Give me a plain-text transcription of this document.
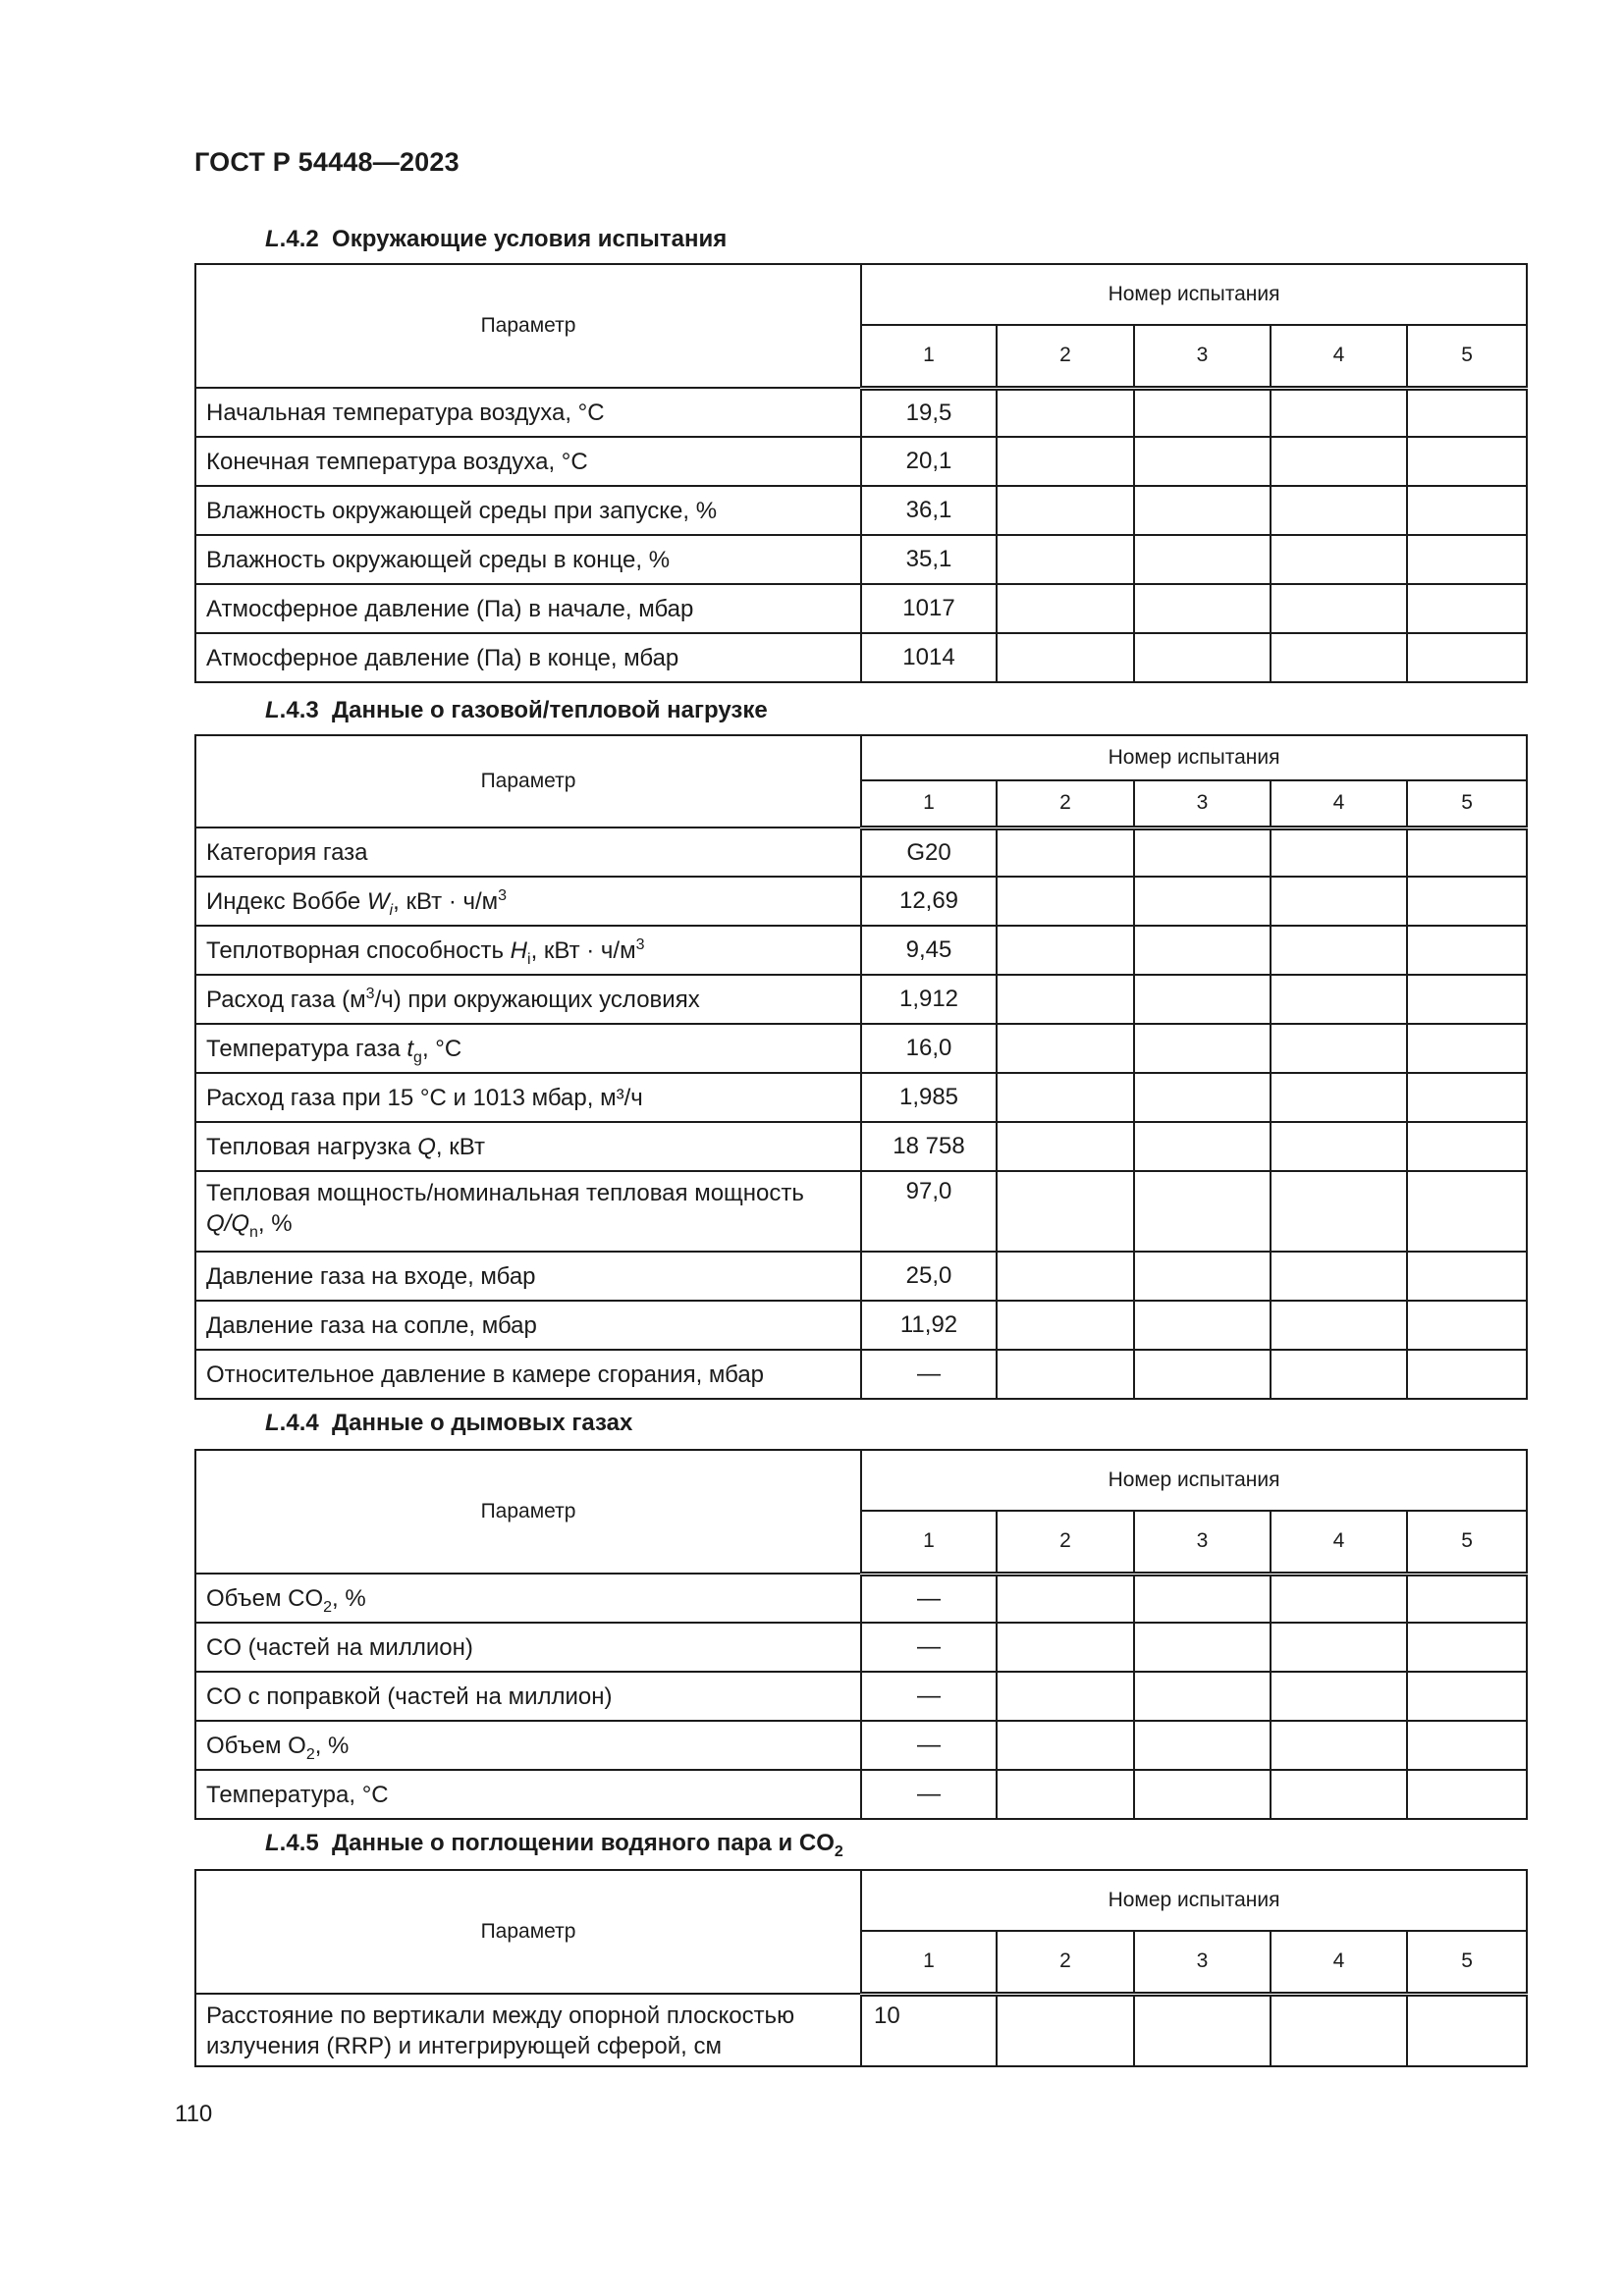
ГОСТ Р 54448—2023
L.4.2 Окружающие условия испытания
Параметр	Номер испытания				
	1	2	3	4	5
Начальная температура воздуха, °C	19,5				
Конечная температура воздуха, °C	20,1				
Влажность окружающей среды при запуске, %	36,1				
Влажность окружающей среды в конце, %	35,1				
Атмосферное давление (Па) в начале, мбар	1017				
Атмосферное давление (Па) в конце, мбар	1014				
L.4.3 Данные о газовой/тепловой нагрузке
Параметр	Номер испытания				
	1	2	3	4	5
Категория газа	G20				
Индекс Воббе $W_i$, кВт · $ч/м^3$	12,69				
Теплотворная способность $H_i$, кВт · $ч/м^3$	9,45				
Расход газа $(м^3/ч)$ при окружающих условиях	1,912				
Температура газа $t_g$, °C	16,0				
Расход газа при 15 °C и 1013 мбар, м³/ч	1,985				
Тепловая нагрузка Q, кВт	18 758				
Тепловая мощность/номинальная тепловая мощность $Q/Q_n$, %	97,0				
Давление газа на входе, мбар	25,0				
Давление газа на сопле, мбар	11,92				
Относительное давление в камере сгорания, мбар	—				
L.4.4 Данные о дымовых газах
Параметр	Номер испытания				
	1	2	3	4	5
Объем $CO_2$, %	—				
CO (частей на миллион)	—				
CO с поправкой (частей на миллион)	—				
Объем $O_2$, %	—				
Температура, °C	—				
L.4.5 Данные о поглощении водяного пара и $CO_2$
Параметр	Номер испытания				
	1	2	3	4	5
Расстояние по вертикали между опорной плоскостью излучения (RRP) и интегрирующей сферой, см	10				
110
